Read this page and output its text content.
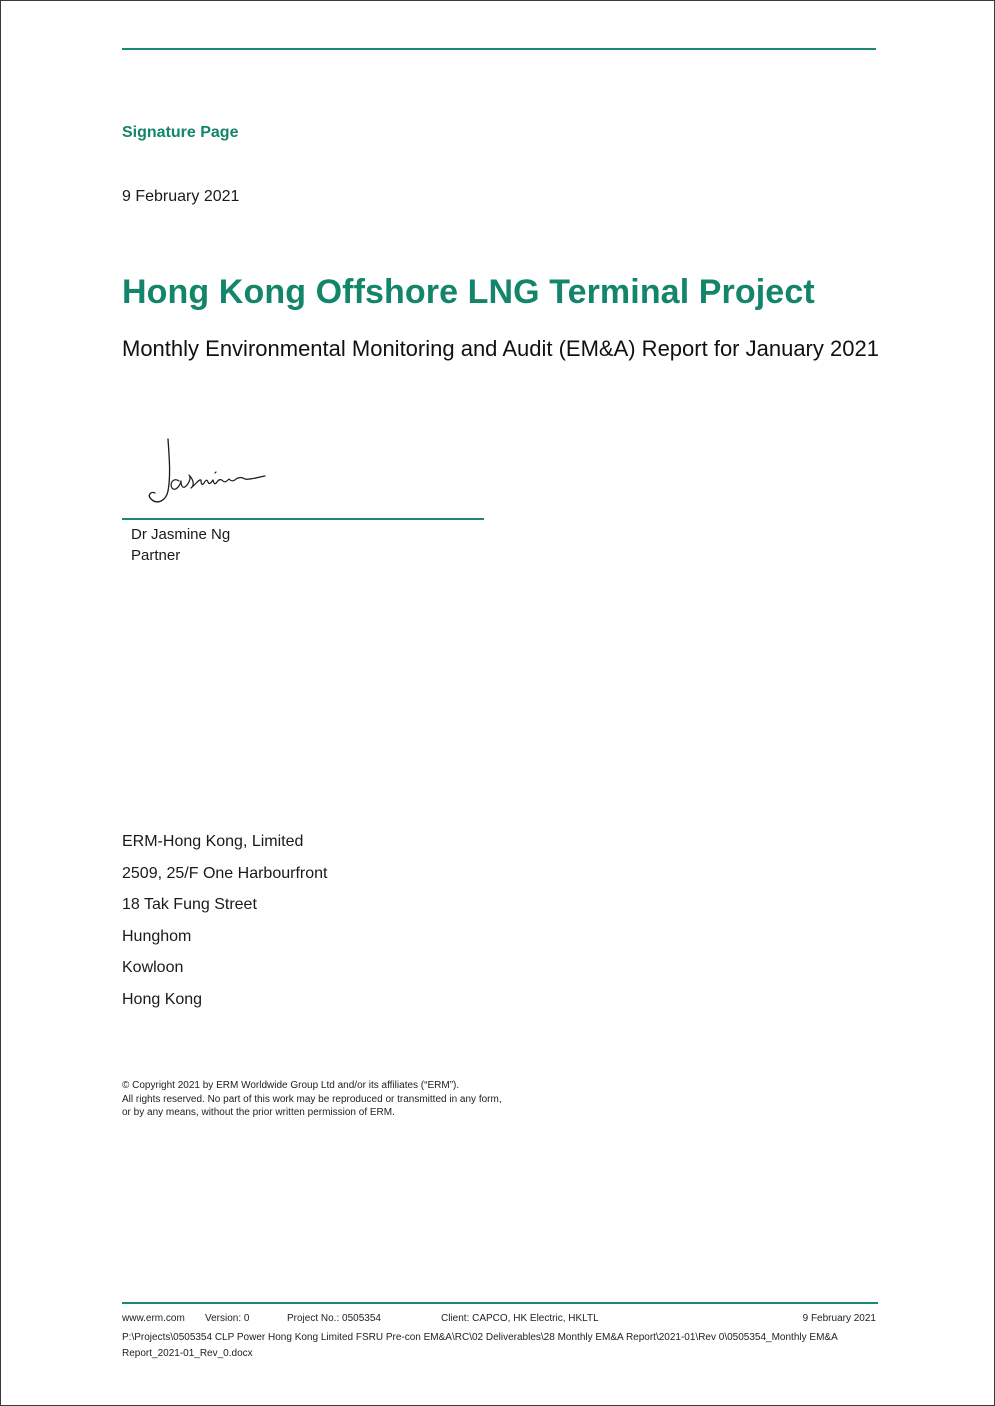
Signature Page
9 February 2021
Hong Kong Offshore LNG Terminal Project
Monthly Environmental Monitoring and Audit (EM&A) Report for January 2021
Dr Jasmine Ng
Partner
ERM-Hong Kong, Limited
2509, 25/F One Harbourfront
18 Tak Fung Street
Hunghom
Kowloon
Hong Kong
© Copyright 2021 by ERM Worldwide Group Ltd and/or its affiliates (“ERM”).
All rights reserved. No part of this work may be reproduced or transmitted in any form,
or by any means, without the prior written permission of ERM.
www.erm.com Version: 0	Project No.: 0505354	Client: CAPCO, HK Electric, HKLTL	9 February 2021
P:\Projects\0505354 CLP Power Hong Kong Limited FSRU Pre-con EM&A\RC\02 Deliverables\28 Monthly EM&A Report\2021-01\Rev 0\0505354_Monthly EM&A Report_2021-01_Rev_0.docx
